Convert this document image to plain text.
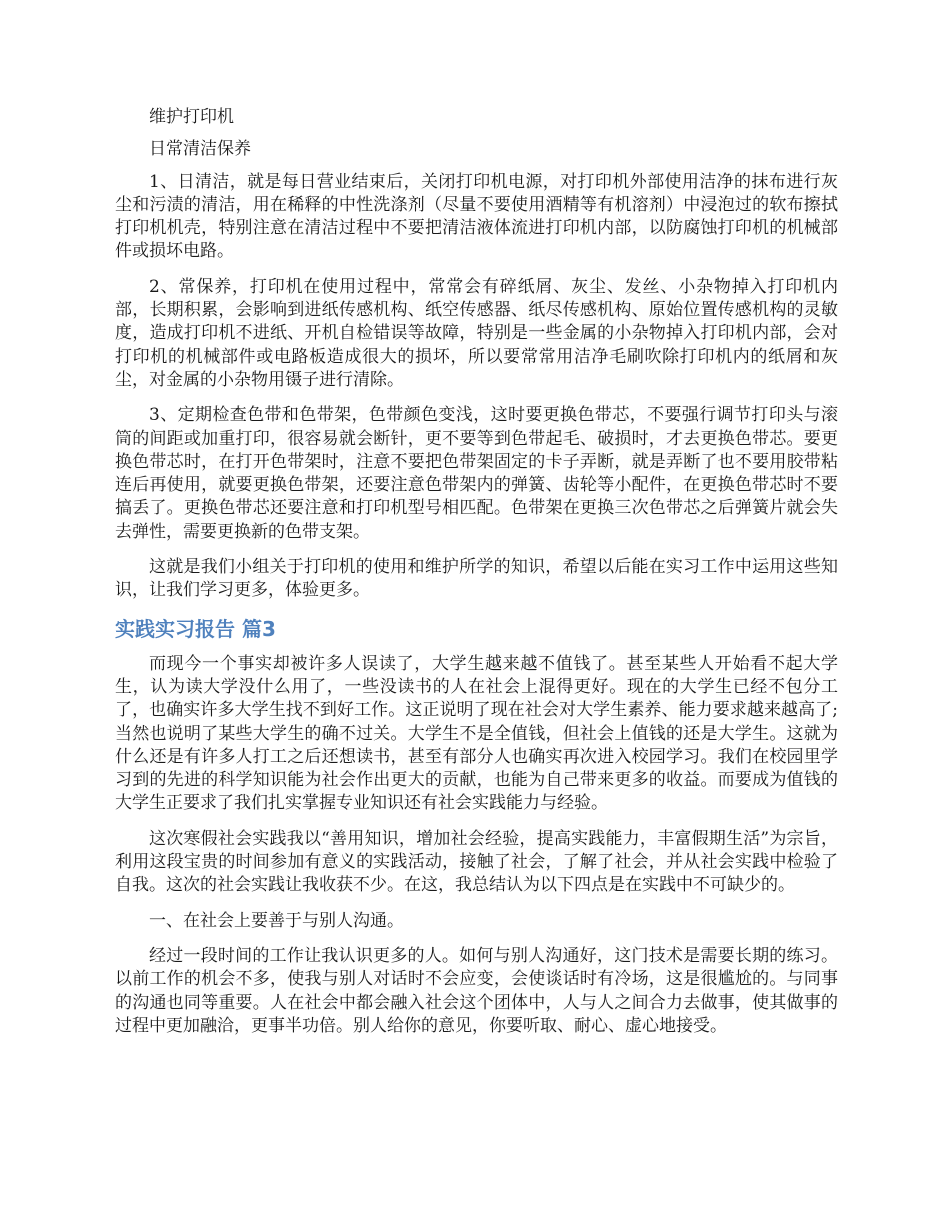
维护打印机

日常清洁保养

1、日清洁，就是每日营业结束后，关闭打印机电源，对打印机外部使用洁净的抹布进行灰尘和污渍的清洁，用在稀释的中性洗涤剂（尽量不要使用酒精等有机溶剂）中浸泡过的软布擦拭打印机机壳，特别注意在清洁过程中不要把清洁液体流进打印机内部，以防腐蚀打印机的机械部件或损坏电路。

2、常保养，打印机在使用过程中，常常会有碎纸屑、灰尘、发丝、小杂物掉入打印机内部，长期积累，会影响到进纸传感机构、纸空传感器、纸尽传感机构、原始位置传感机构的灵敏度，造成打印机不进纸、开机自检错误等故障，特别是一些金属的小杂物掉入打印机内部，会对打印机的机械部件或电路板造成很大的损坏，所以要常常用洁净毛刷吹除打印机内的纸屑和灰尘，对金属的小杂物用镊子进行清除。

3、定期检查色带和色带架，色带颜色变浅，这时要更换色带芯，不要强行调节打印头与滚筒的间距或加重打印，很容易就会断针，更不要等到色带起毛、破损时，才去更换色带芯。要更换色带芯时，在打开色带架时，注意不要把色带架固定的卡子弄断，就是弄断了也不要用胶带粘连后再使用，就要更换色带架，还要注意色带架内的弹簧、齿轮等小配件，在更换色带芯时不要搞丢了。更换色带芯还要注意和打印机型号相匹配。色带架在更换三次色带芯之后弹簧片就会失去弹性，需要更换新的色带支架。

这就是我们小组关于打印机的使用和维护所学的知识，希望以后能在实习工作中运用这些知识，让我们学习更多，体验更多。

实践实习报告 篇3

而现今一个事实却被许多人误读了，大学生越来越不值钱了。甚至某些人开始看不起大学生，认为读大学没什么用了，一些没读书的人在社会上混得更好。现在的大学生已经不包分工了，也确实许多大学生找不到好工作。这正说明了现在社会对大学生素养、能力要求越来越高了;当然也说明了某些大学生的确不过关。大学生不是全值钱，但社会上值钱的还是大学生。这就为什么还是有许多人打工之后还想读书，甚至有部分人也确实再次进入校园学习。我们在校园里学习到的先进的科学知识能为社会作出更大的贡献，也能为自己带来更多的收益。而要成为值钱的大学生正要求了我们扎实掌握专业知识还有社会实践能力与经验。

这次寒假社会实践我以“善用知识，增加社会经验，提高实践能力，丰富假期生活”为宗旨，利用这段宝贵的时间参加有意义的实践活动，接触了社会，了解了社会，并从社会实践中检验了自我。这次的社会实践让我收获不少。在这，我总结认为以下四点是在实践中不可缺少的。

一、在社会上要善于与别人沟通。

经过一段时间的工作让我认识更多的人。如何与别人沟通好，这门技术是需要长期的练习。以前工作的机会不多，使我与别人对话时不会应变，会使谈话时有冷场，这是很尴尬的。与同事的沟通也同等重要。人在社会中都会融入社会这个团体中，人与人之间合力去做事，使其做事的过程中更加融洽，更事半功倍。别人给你的意见，你要听取、耐心、虚心地接受。
